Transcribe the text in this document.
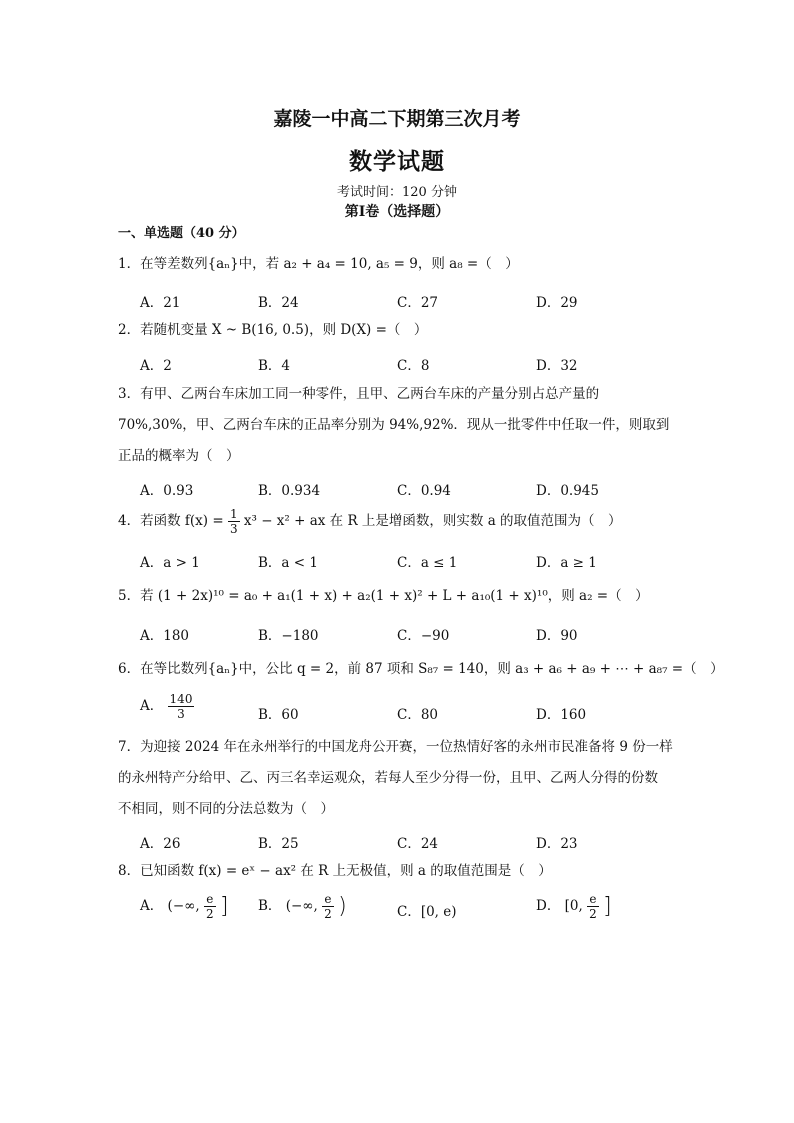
嘉陵一中高二下期第三次月考
数学试题
考试时间：120 分钟
第Ⅰ卷（选择题）
一、单选题（40 分）
1．在等差数列{aₙ}中，若 a₂ + a₄ = 10, a₅ = 9，则 a₈ =（　）
A．21	B．24	C．27	D．29
2．若随机变量 X ~ B(16, 0.5)，则 D(X) =（　）
A．2	B．4	C．8	D．32
3．有甲、乙两台车床加工同一种零件，且甲、乙两台车床的产量分别占总产量的
70%,30%，甲、乙两台车床的正品率分别为 94%,92%．现从一批零件中任取一件，则取到
正品的概率为（　）
A．0.93	B．0.934	C．0.94	D．0.945
4．若函数 $f(x) = \frac{1}{3} x^3 - x^2$ + ax 在 R 上是增函数，则实数 a 的取值范围为（　）
A．a > 1	B．a < 1	C．a ≤ 1	D．a ≥ 1
5．若 (1 + 2x)¹⁰ = a₀ + a₁(1 + x) + a₂(1 + x)² + L + a₁₀(1 + x)¹⁰，则 a₂ =（　）
A．180	B．−180	C．−90	D．90
6．在等比数列{aₙ}中，公比 q = 2，前 87 项和 S₈₇ = 140，则 a₃ + a₆ + a₉ + ⋯ + a₈₇ =（　）
A． $\frac{140}{3}$	B．60	C．80	D．160
7．为迎接 2024 年在永州举行的中国龙舟公开赛，一位热情好客的永州市民准备将 9 份一样
的永州特产分给甲、乙、丙三名幸运观众，若每人至少分得一份，且甲、乙两人分得的份数
不相同，则不同的分法总数为（　）
A．26	B．25	C．24	D．23
8．已知函数 f(x) = eˣ − ax² 在 R 上无极值，则 a 的取值范围是（　）
A． (−∞, $\frac{e}{2}$ ] B． (−∞, $\frac{e}{2}$ )	C．[0, e)	D． [0, $\frac{e}{2}$ ]
